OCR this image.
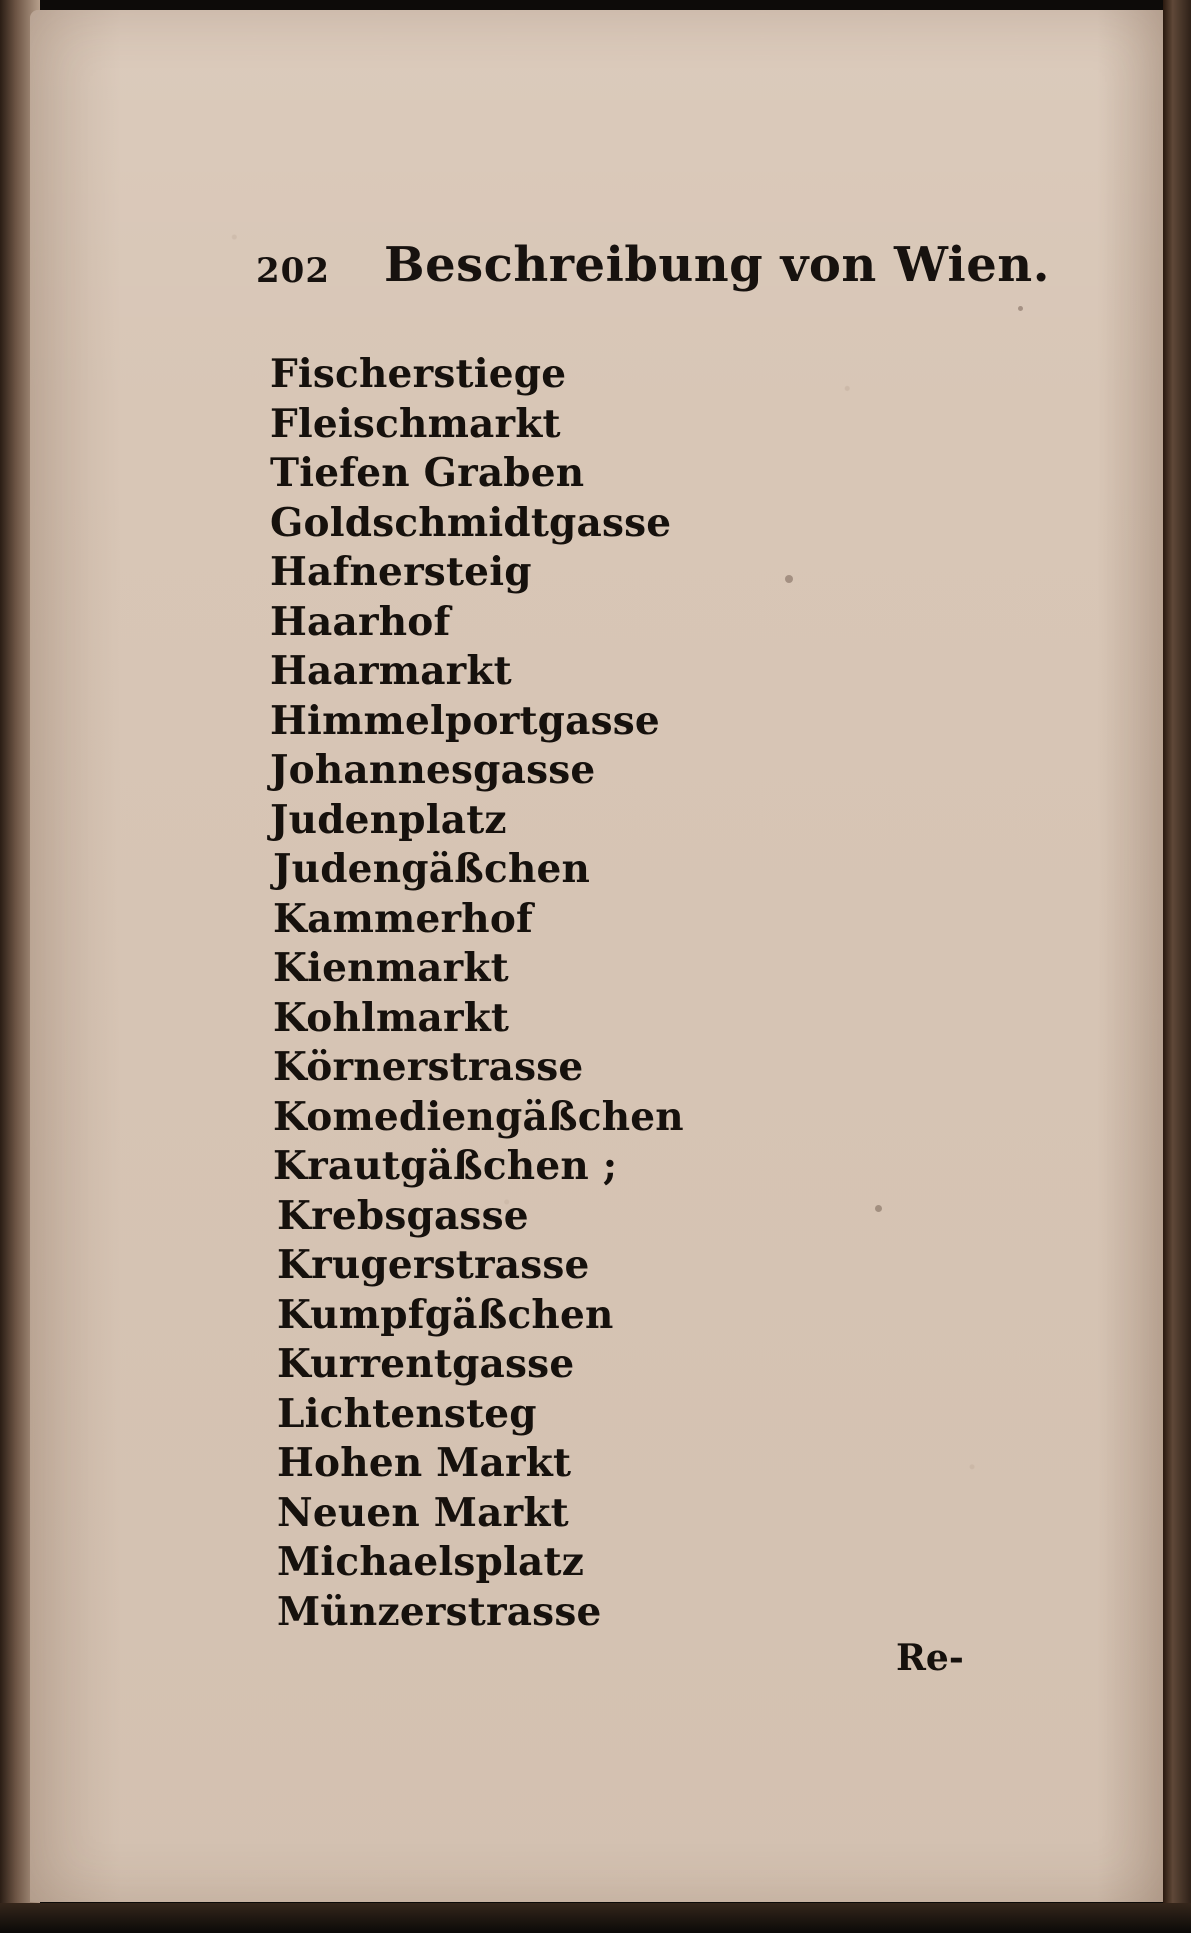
202 Beschreibung von Wien.
Fischerstiege
Fleischmarkt
Tiefen Graben
Goldschmidtgasse
Hafnersteig
Haarhof
Haarmarkt
Himmelportgasse
Johannesgasse
Judenplatz
Judengäßchen
Kammerhof
Kienmarkt
Kohlmarkt
Körnerstrasse
Komediengäßchen
Krautgäßchen ;
Krebsgasse
Krugerstrasse
Kumpfgäßchen
Kurrentgasse
Lichtensteg
Hohen Markt
Neuen Markt
Michaelsplatz
Münzerstrasse
Re-
